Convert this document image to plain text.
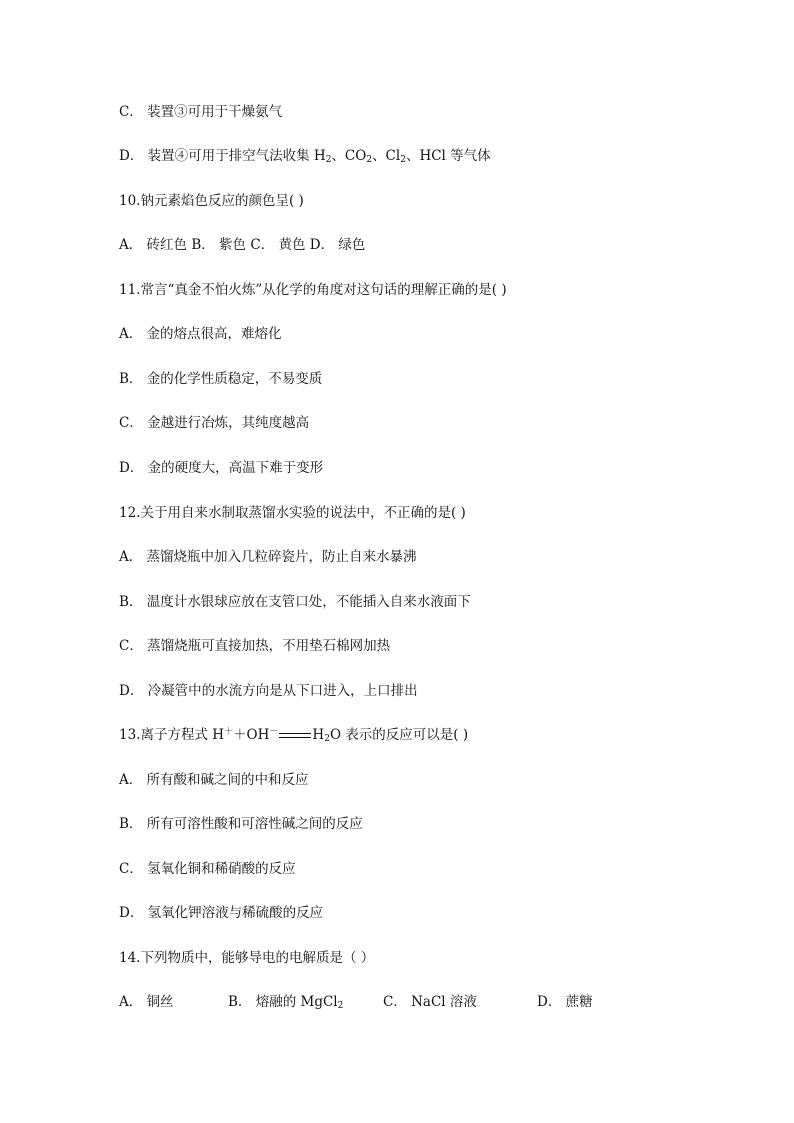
C． 装置③可用于干燥氨气
D． 装置④可用于排空气法收集 $H_2$、$CO_2$、$Cl_2$、HCl 等气体
10.钠元素焰色反应的颜色呈( )
A． 砖红色 B． 紫色 C． 黄色 D． 绿色
11.常言“真金不怕火炼”从化学的角度对这句话的理解正确的是( )
A． 金的熔点很高，难熔化
B． 金的化学性质稳定，不易变质
C． 金越进行冶炼，其纯度越高
D． 金的硬度大，高温下难于变形
12.关于用自来水制取蒸馏水实验的说法中，不正确的是( )
A． 蒸馏烧瓶中加入几粒碎瓷片，防止自来水暴沸
B． 温度计水银球应放在支管口处，不能插入自来水液面下
C． 蒸馏烧瓶可直接加热，不用垫石棉网加热
D． 冷凝管中的水流方向是从下口进入，上口排出
13.离子方程式 H＋＋OH－	$H_2O$ 表示的反应可以是( )
A． 所有酸和碱之间的中和反应
B． 所有可溶性酸和可溶性碱之间的反应
C． 氢氧化铜和稀硝酸的反应
D． 氢氧化钾溶液与稀硫酸的反应
14.下列物质中，能够导电的电解质是（ ）
A． 铜丝	B． 熔融的 MgCl$_2$	C． NaCl 溶液	D． 蔗糖
